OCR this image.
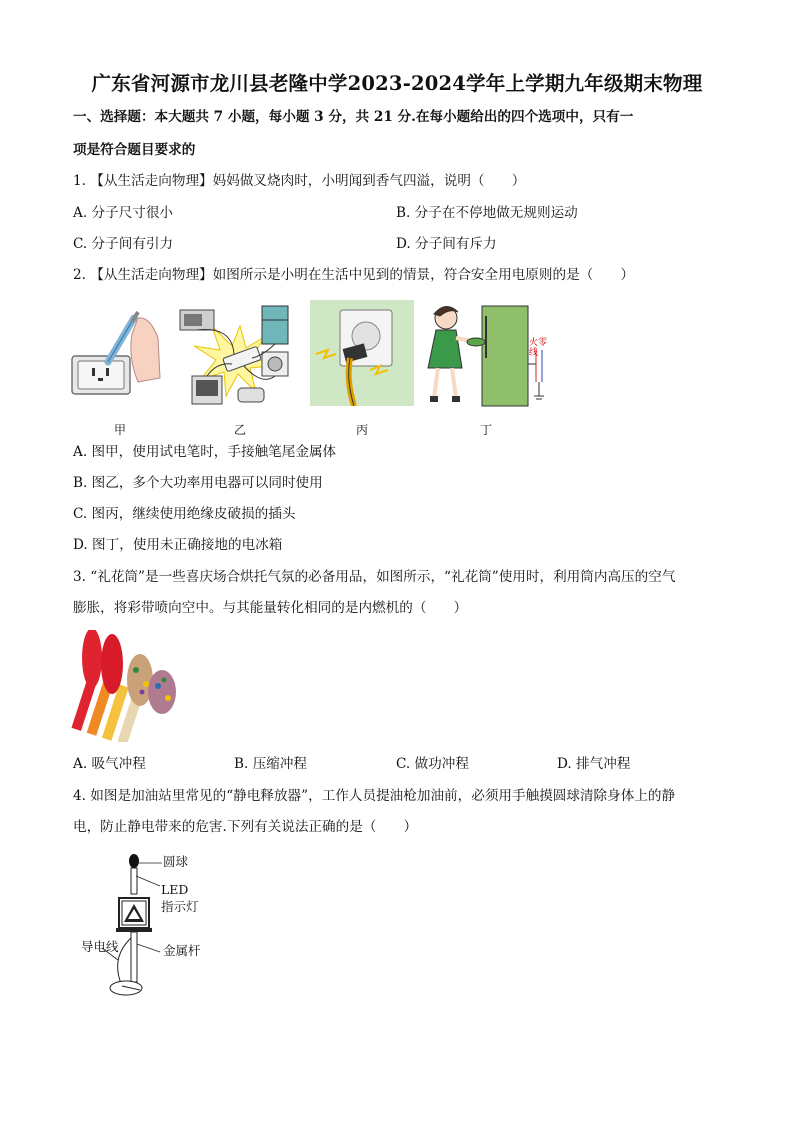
广东省河源市龙川县老隆中学2023-2024学年上学期九年级期末物理
一、选择题：本大题共 7 小题，每小题 3 分，共 21 分.在每小题给出的四个选项中，只有一
项是符合题目要求的
1. 【从生活走向物理】妈妈做叉烧肉时，小明闻到香气四溢，说明（　　）
A. 分子尺寸很小	B. 分子在不停地做无规则运动
C. 分子间有引力	D. 分子间有斥力
2. 【从生活走向物理】如图所示是小明在生活中见到的情景，符合安全用电原则的是（　　）
甲	乙	丙
火零线
丁
A. 图甲，使用试电笔时，手接触笔尾金属体
B. 图乙，多个大功率用电器可以同时使用
C. 图丙，继续使用绝缘皮破损的插头
D. 图丁，使用未正确接地的电冰箱
3. “礼花筒”是一些喜庆场合烘托气氛的必备用品，如图所示，“礼花筒”使用时，利用筒内高压的空气
膨胀，将彩带喷向空中。与其能量转化相同的是内燃机的（　　）
A. 吸气冲程	B. 压缩冲程	C. 做功冲程	D. 排气冲程
4. 如图是加油站里常见的“静电释放器”，工作人员提油枪加油前，必须用手触摸圆球清除身体上的静
电，防止静电带来的危害.下列有关说法正确的是（　　）
圆球
LED
指示灯
导电线	金属杆
